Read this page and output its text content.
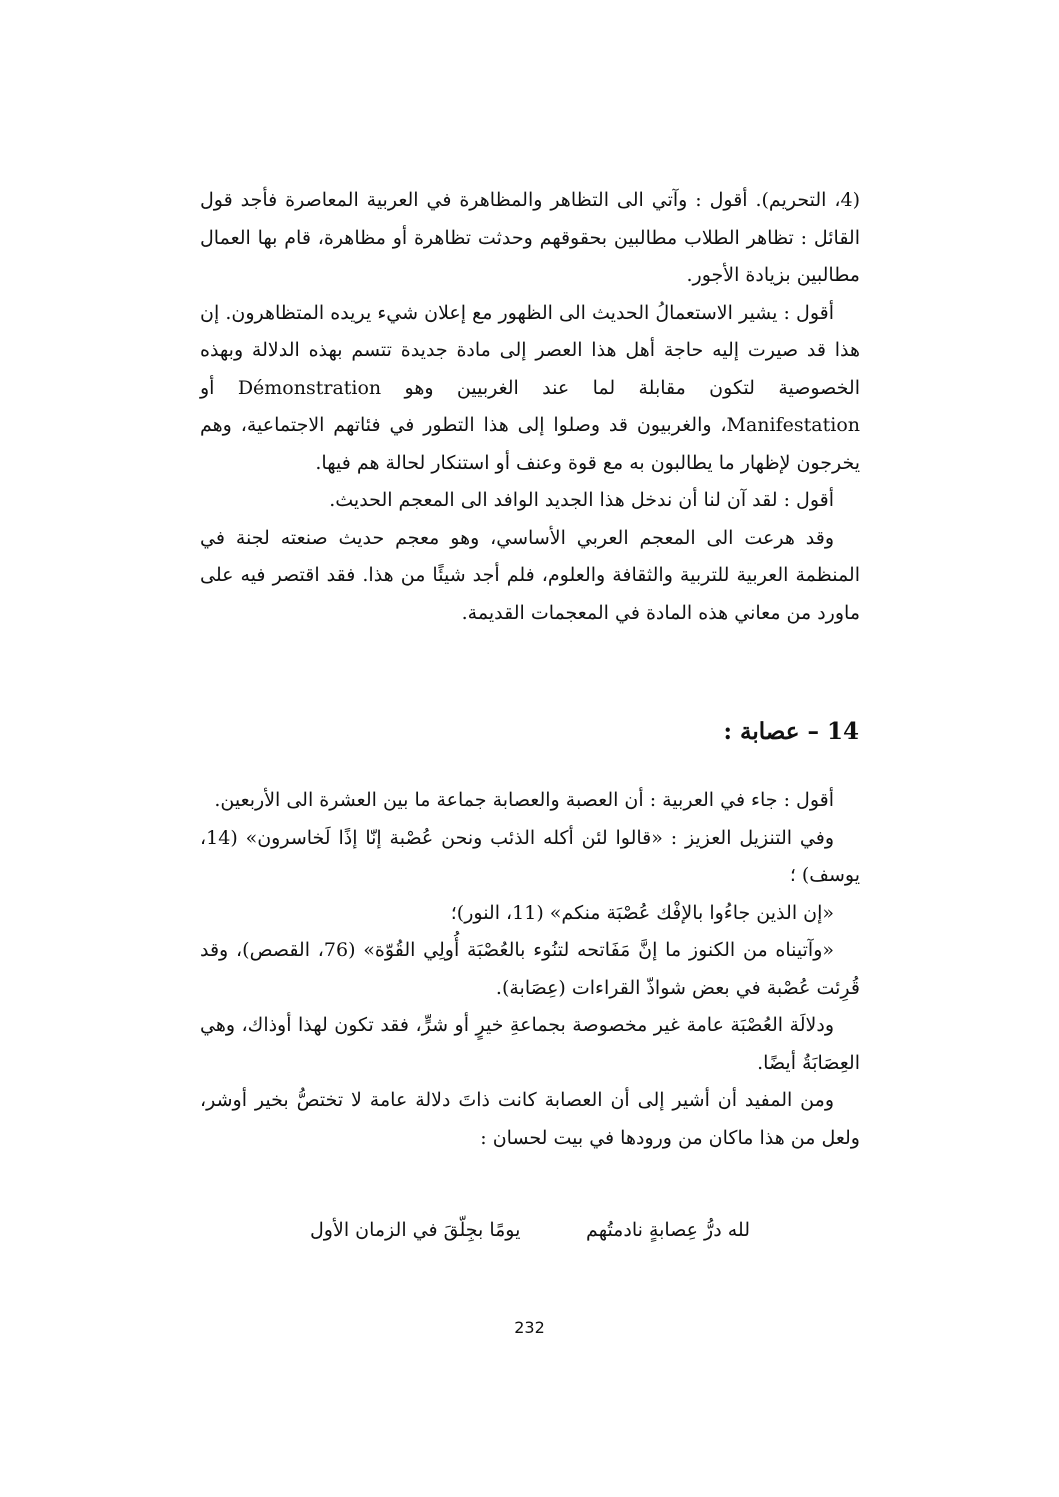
(4، التحريم). أقول : وآتي الى التظاهر والمظاهرة في العربية المعاصرة فأجد قول القائل : تظاهر الطلاب مطالبين بحقوقهم وحدثت تظاهرة أو مظاهرة، قام بها العمال مطالبين بزيادة الأجور.

أقول : يشير الاستعمالُ الحديث الى الظهور مع إعلان شيء يريده المتظاهرون. إن هذا قد صيرت إليه حاجة أهل هذا العصر إلى مادة جديدة تتسم بهذه الدلالة وبهذه الخصوصية لتكون مقابلة لما عند الغربيين وهو Démonstration أو Manifestation، والغربيون قد وصلوا إلى هذا التطور في فئاتهم الاجتماعية، وهم يخرجون لإظهار ما يطالبون به مع قوة وعنف أو استنكار لحالة هم فيها.

أقول : لقد آن لنا أن ندخل هذا الجديد الوافد الى المعجم الحديث.

وقد هرعت الى المعجم العربي الأساسي، وهو معجم حديث صنعته لجنة في المنظمة العربية للتربية والثقافة والعلوم، فلم أجد شيئًا من هذا. فقد اقتصر فيه على ماورد من معاني هذه المادة في المعجمات القديمة.

14 – عصابة :

أقول : جاء في العربية : أن العصبة والعصابة جماعة ما بين العشرة الى الأربعين.

وفي التنزيل العزيز : «قالوا لئن أكله الذئب ونحن عُصْبة إنّا إذًا لَخاسرون» (14، يوسف) ؛

«إن الذين جاءُوا بالإفْك عُصْبَة منكم» (11، النور)؛

«وآتيناه من الكنوز ما إنَّ مَفَاتحه لتنُوء بالعُصْبَة أُولِي القُوّة» (76، القصص)، وقد قُرِئت عُصْبة في بعض شواذّ القراءات (عِصَابة).

ودلالَة العُصْبَة عامة غير مخصوصة بجماعةِ خيرٍ أو شرٍّ، فقد تكون لهذا أوذاك، وهي العِصَابَةُ أيضًا.

ومن المفيد أن أشير إلى أن العصابة كانت ذاتَ دلالة عامة لا تختصُّ بخير أوشر، ولعل من هذا ماكان من ورودها في بيت لحسان :

لله درُّ عِصابةٍ نادمتُهم
يومًا بجِلّقَ في الزمان الأول
232
